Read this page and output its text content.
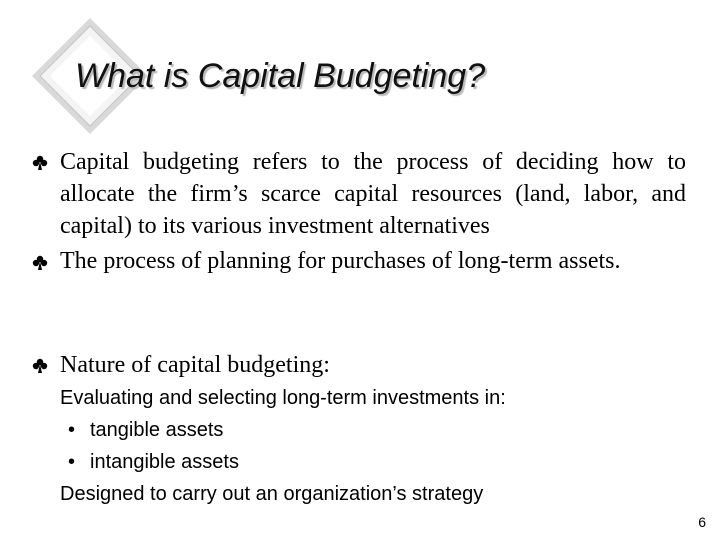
What is Capital Budgeting?
Capital budgeting refers to the process of deciding how to allocate the firm’s scarce capital resources (land, labor, and capital) to its various investment alternatives
The process of planning for purchases of long-term assets.
Nature of capital budgeting:
Evaluating and selecting long-term investments in:
• tangible assets
• intangible assets
Designed to carry out an organization’s strategy
6
